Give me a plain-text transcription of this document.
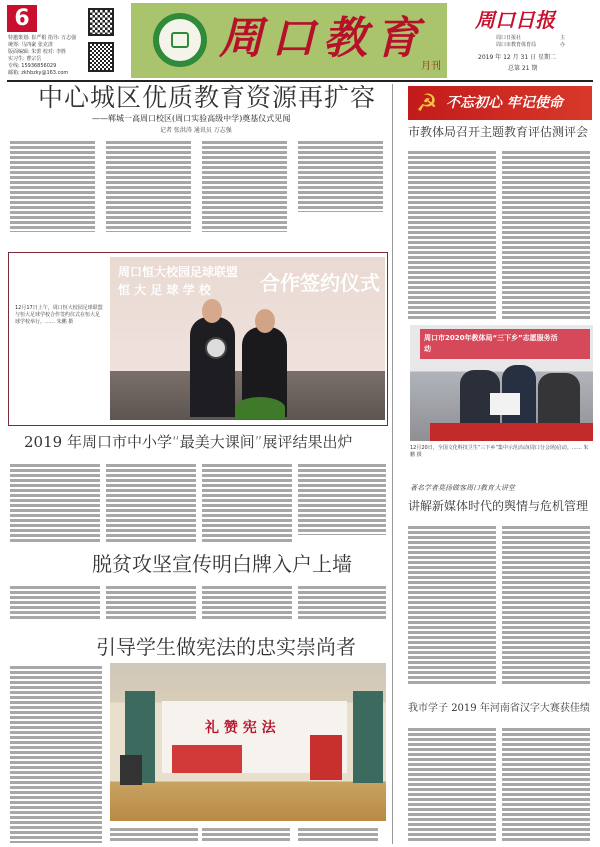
6
特邀策划: 崔严根 指导: 万志强
统筹: 马四豪 张克清
版面编辑: 朱蕾 校对: 李胜
实习生: 曹宗岳
专线: 15936856029
邮箱: zkhbzky@163.com
周口教育
月刊
周口日报
周口日报社
周口市教育体育局
主办
2019 年 12 月 31 日 星期二
总第 21 期
中心城区优质教育资源再扩容
——郸城一高周口校区(周口实验高级中学)奠基仪式见闻
记者 张洪涛 通讯员 万志强
12月17日上午，周口恒大校园足球联盟与恒大足球学校合作签约仪式在恒大足球学校举行。…… 朱鹏 摄
周口恒大校园足球联盟
恒 大 足 球 学 校 合作签约仪式
2019 年周口市中小学“最美大课间”展评结果出炉
脱贫攻坚宣传明白牌入户上墙
引导学生做宪法的忠实崇尚者
礼 赞 宪 法
☭ 不忘初心 牢记使命
市教体局召开主题教育评估测评会
周口市2020年教体局“三下乡”志愿服务活动
12月20日，全国文化科技卫生“三下乡”集中示范活动(周口分会场)启动。…… 朱鹏 摄
著名学者莫扬做客周口教育大讲堂
讲解新媒体时代的舆情与危机管理
我市学子 2019 年河南省汉字大赛获佳绩
